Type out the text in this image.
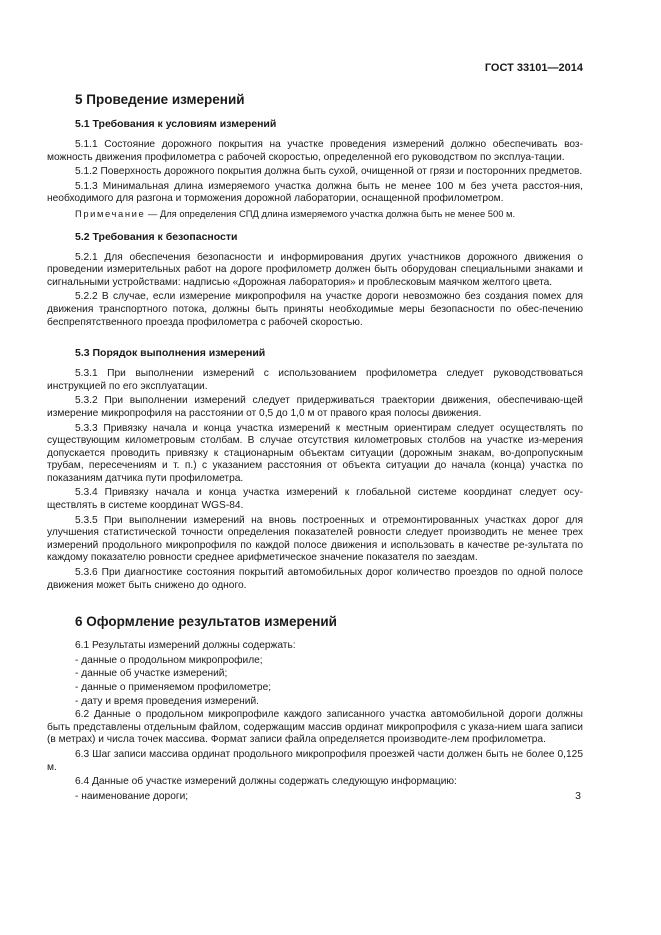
ГОСТ 33101—2014
5 Проведение измерений
5.1 Требования к условиям измерений
5.1.1 Состояние дорожного покрытия на участке проведения измерений должно обеспечивать воз-можность движения профилометра с рабочей скоростью, определенной его руководством по эксплуа-тации.
5.1.2 Поверхность дорожного покрытия должна быть сухой, очищенной от грязи и посторонних предметов.
5.1.3 Минимальная длина измеряемого участка должна быть не менее 100 м без учета расстоя-ния, необходимого для разгона и торможения дорожной лаборатории, оснащенной профилометром.
Примечание — Для определения СПД длина измеряемого участка должна быть не менее 500 м.
5.2 Требования к безопасности
5.2.1 Для обеспечения безопасности и информирования других участников дорожного движения о проведении измерительных работ на дороге профилометр должен быть оборудован специальными знаками и сигнальными устройствами: надписью «Дорожная лаборатория» и проблесковым маячком желтого цвета.
5.2.2 В случае, если измерение микропрофиля на участке дороги невозможно без создания помех для движения транспортного потока, должны быть приняты необходимые меры безопасности по обес-печению беспрепятственного проезда профилометра с рабочей скоростью.
5.3 Порядок выполнения измерений
5.3.1 При выполнении измерений с использованием профилометра следует руководствоваться инструкцией по его эксплуатации.
5.3.2 При выполнении измерений следует придерживаться траектории движения, обеспечиваю-щей измерение микропрофиля на расстоянии от 0,5 до 1,0 м от правого края полосы движения.
5.3.3 Привязку начала и конца участка измерений к местным ориентирам следует осуществлять по существующим километровым столбам. В случае отсутствия километровых столбов на участке из-мерения допускается проводить привязку к стационарным объектам ситуации (дорожным знакам, во-допропускным трубам, пересечениям и т. п.) с указанием расстояния от объекта ситуации до начала (конца) участка по показаниям датчика пути профилометра.
5.3.4 Привязку начала и конца участка измерений к глобальной системе координат следует осу-ществлять в системе координат WGS-84.
5.3.5 При выполнении измерений на вновь построенных и отремонтированных участках дорог для улучшения статистической точности определения показателей ровности следует производить не менее трех измерений продольного микропрофиля по каждой полосе движения и использовать в качестве ре-зультата по каждому показателю ровности среднее арифметическое значение показателя по заездам.
5.3.6 При диагностике состояния покрытий автомобильных дорог количество проездов по одной полосе движения может быть снижено до одного.
6 Оформление результатов измерений
6.1 Результаты измерений должны содержать:
- данные о продольном микропрофиле;
- данные об участке измерений;
- данные о применяемом профилометре;
- дату и время проведения измерений.
6.2 Данные о продольном микропрофиле каждого записанного участка автомобильной дороги должны быть представлены отдельным файлом, содержащим массив ординат микропрофиля с указа-нием шага записи (в метрах) и числа точек массива. Формат записи файла определяется производите-лем профилометра.
6.3 Шаг записи массива ординат продольного микропрофиля проезжей части должен быть не более 0,125 м.
6.4 Данные об участке измерений должны содержать следующую информацию:
- наименование дороги;	3
